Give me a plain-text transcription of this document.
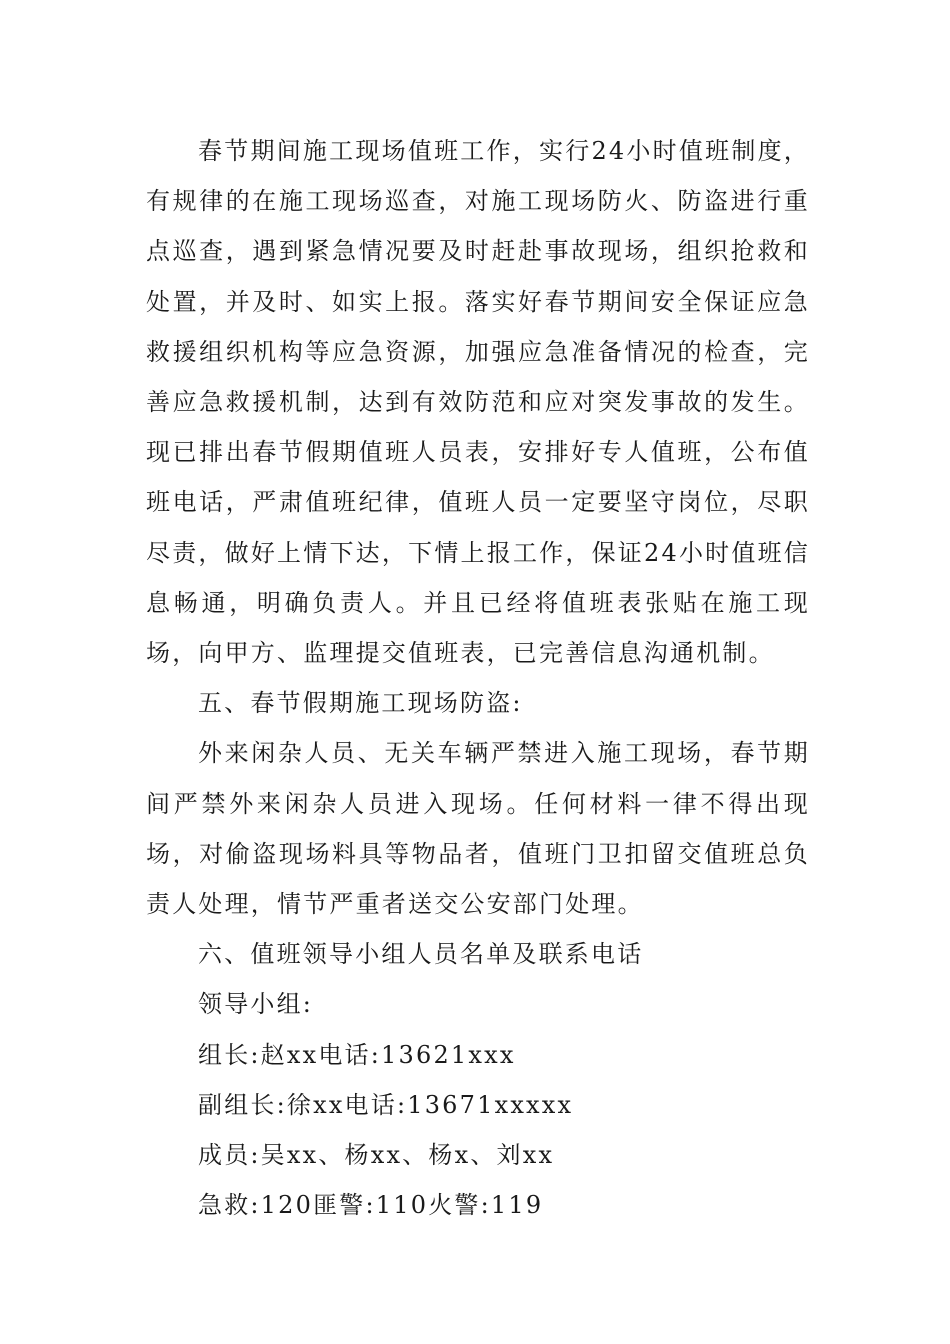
春节期间施工现场值班工作，实行24小时值班制度，有规律的在施工现场巡查，对施工现场防火、防盗进行重点巡查，遇到紧急情况要及时赶赴事故现场，组织抢救和处置，并及时、如实上报。落实好春节期间安全保证应急救援组织机构等应急资源，加强应急准备情况的检查，完善应急救援机制，达到有效防范和应对突发事故的发生。现已排出春节假期值班人员表，安排好专人值班，公布值班电话，严肃值班纪律，值班人员一定要坚守岗位，尽职尽责，做好上情下达，下情上报工作，保证24小时值班信息畅通，明确负责人。并且已经将值班表张贴在施工现场，向甲方、监理提交值班表，已完善信息沟通机制。

五、春节假期施工现场防盗:

外来闲杂人员、无关车辆严禁进入施工现场，春节期间严禁外来闲杂人员进入现场。任何材料一律不得出现场，对偷盗现场料具等物品者，值班门卫扣留交值班总负责人处理，情节严重者送交公安部门处理。

六、值班领导小组人员名单及联系电话

领导小组:

组长:赵xx电话:13621xxx

副组长:徐xx电话:13671xxxxx

成员:吴xx、杨xx、杨x、刘xx

急救:120匪警:110火警:119
